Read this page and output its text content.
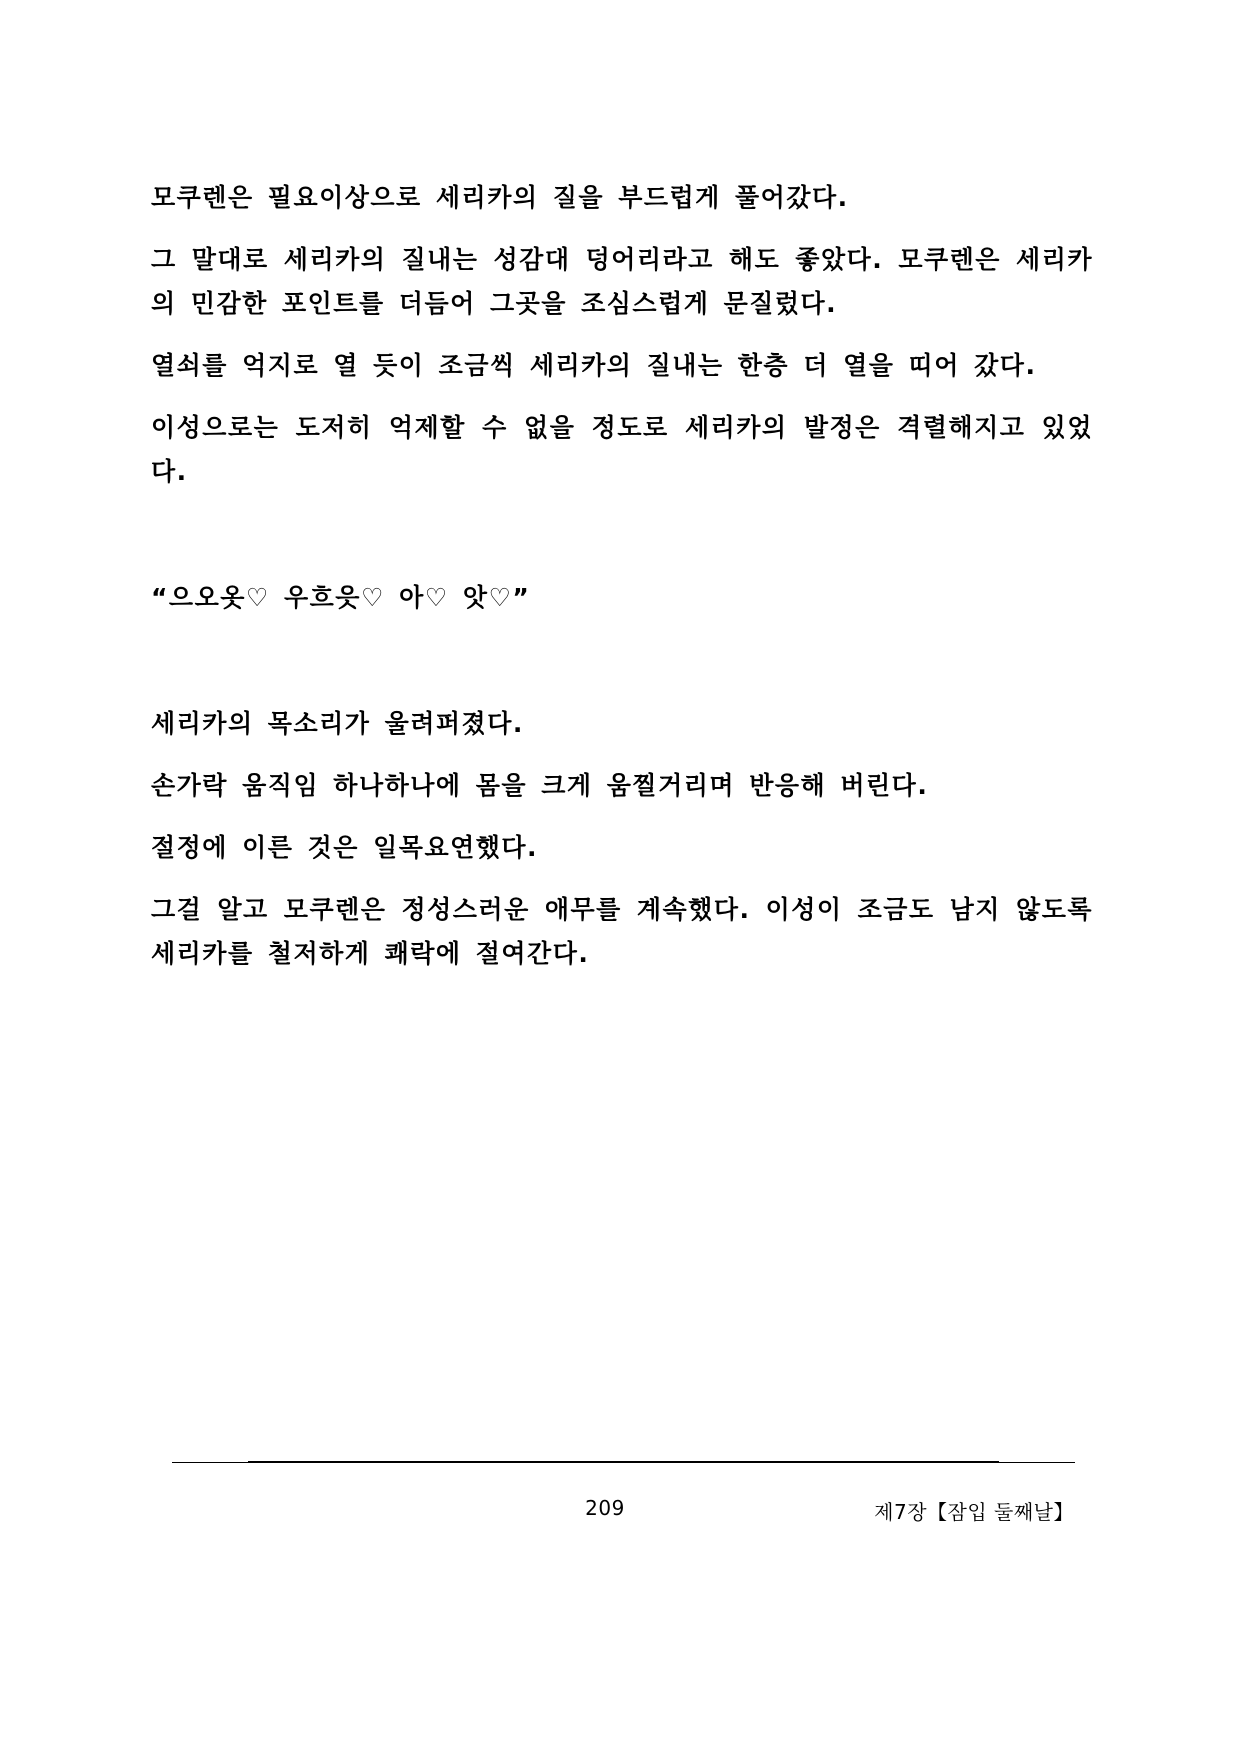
모쿠렌은 필요이상으로 세리카의 질을 부드럽게 풀어갔다.

그 말대로 세리카의 질내는 성감대 덩어리라고 해도 좋았다. 모쿠렌은 세리카의 민감한 포인트를 더듬어 그곳을 조심스럽게 문질렀다.

열쇠를 억지로 열 듯이 조금씩 세리카의 질내는 한층 더 열을 띠어 갔다.

이성으로는 도저히 억제할 수 없을 정도로 세리카의 발정은 격렬해지고 있었다.

“으오옷♡ 우흐읏♡ 아♡ 앗♡”

세리카의 목소리가 울려퍼졌다.

손가락 움직임 하나하나에 몸을 크게 움찔거리며 반응해 버린다.

절정에 이른 것은 일목요연했다.

그걸 알고 모쿠렌은 정성스러운 애무를 계속했다. 이성이 조금도 남지 않도록 세리카를 철저하게 쾌락에 절여간다.

209	제7장【잠입 둘째날】
